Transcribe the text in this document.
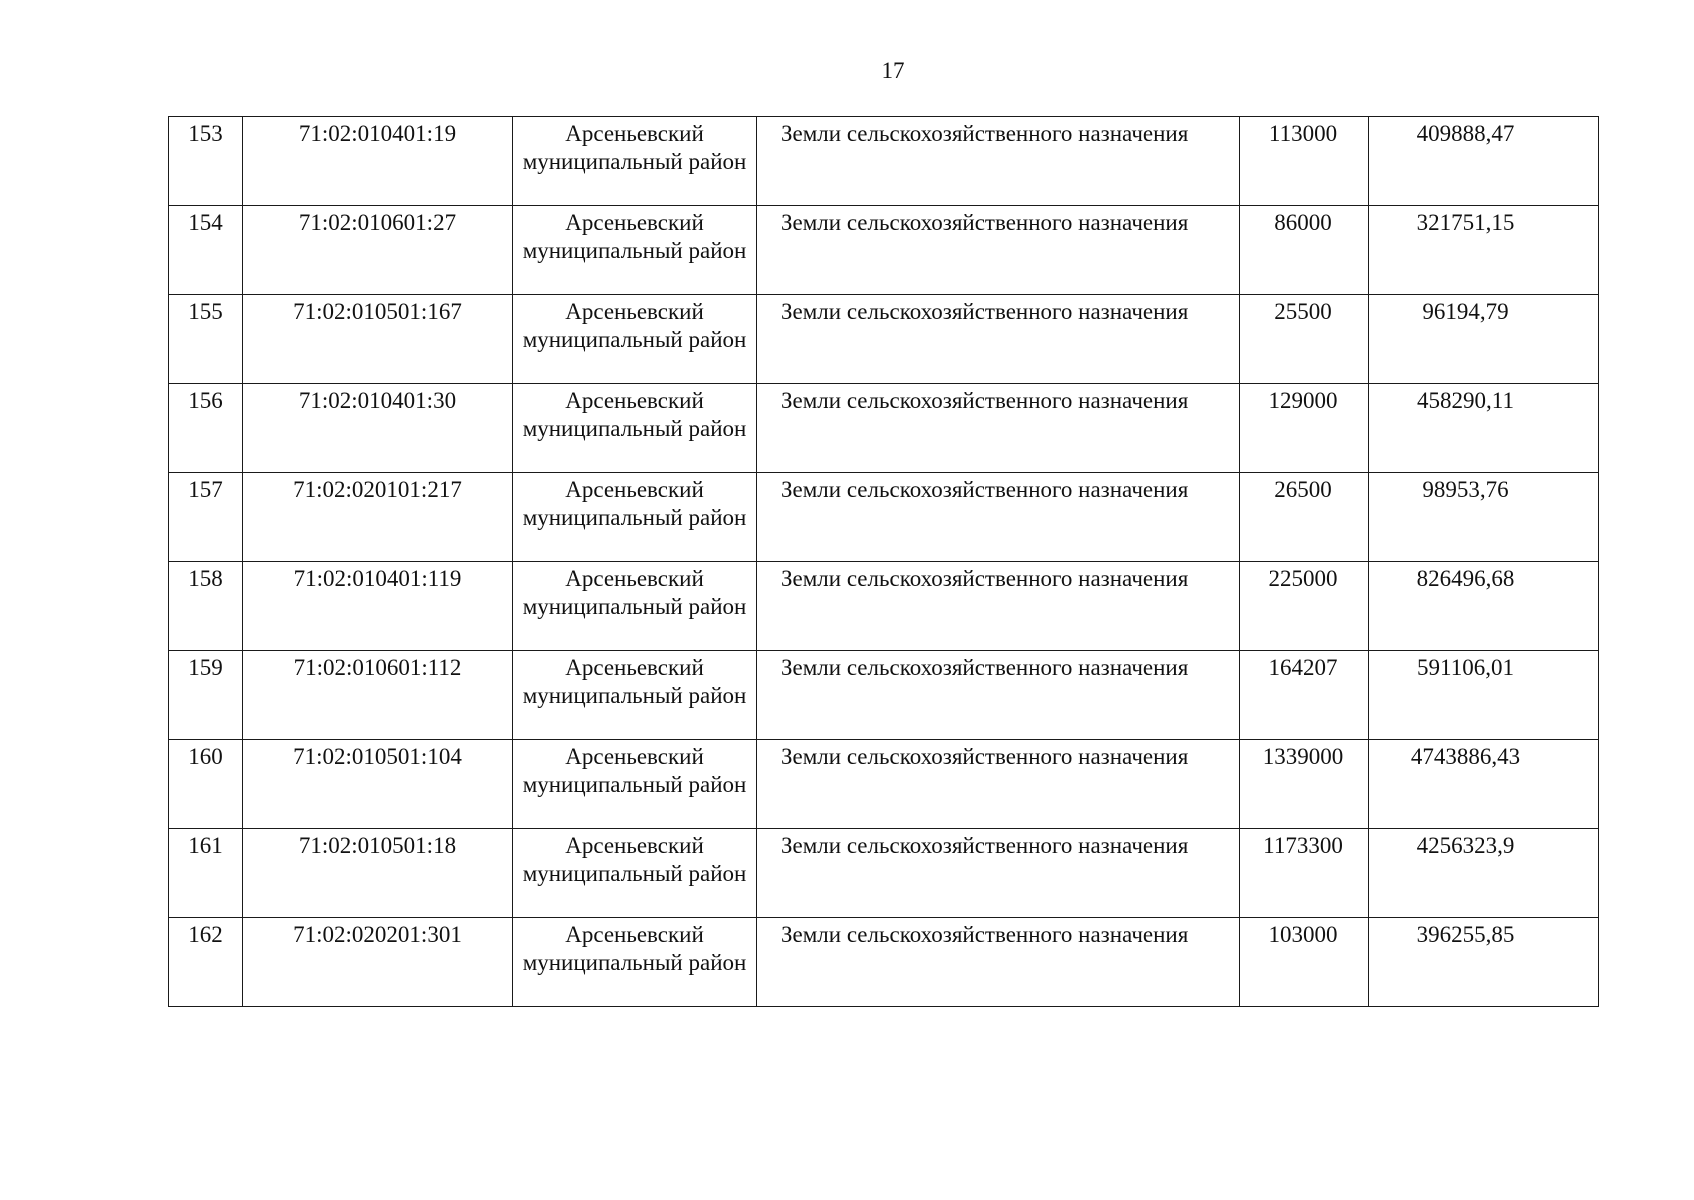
17
153	71:02:010401:19	Арсеньевский муниципальный район	Земли сельскохозяйственного назначения	113000	409888,47
154	71:02:010601:27	Арсеньевский муниципальный район	Земли сельскохозяйственного назначения	86000	321751,15
155	71:02:010501:167	Арсеньевский муниципальный район	Земли сельскохозяйственного назначения	25500	96194,79
156	71:02:010401:30	Арсеньевский муниципальный район	Земли сельскохозяйственного назначения	129000	458290,11
157	71:02:020101:217	Арсеньевский муниципальный район	Земли сельскохозяйственного назначения	26500	98953,76
158	71:02:010401:119	Арсеньевский муниципальный район	Земли сельскохозяйственного назначения	225000	826496,68
159	71:02:010601:112	Арсеньевский муниципальный район	Земли сельскохозяйственного назначения	164207	591106,01
160	71:02:010501:104	Арсеньевский муниципальный район	Земли сельскохозяйственного назначения	1339000	4743886,43
161	71:02:010501:18	Арсеньевский муниципальный район	Земли сельскохозяйственного назначения	1173300	4256323,9
162	71:02:020201:301	Арсеньевский муниципальный район	Земли сельскохозяйственного назначения	103000	396255,85
